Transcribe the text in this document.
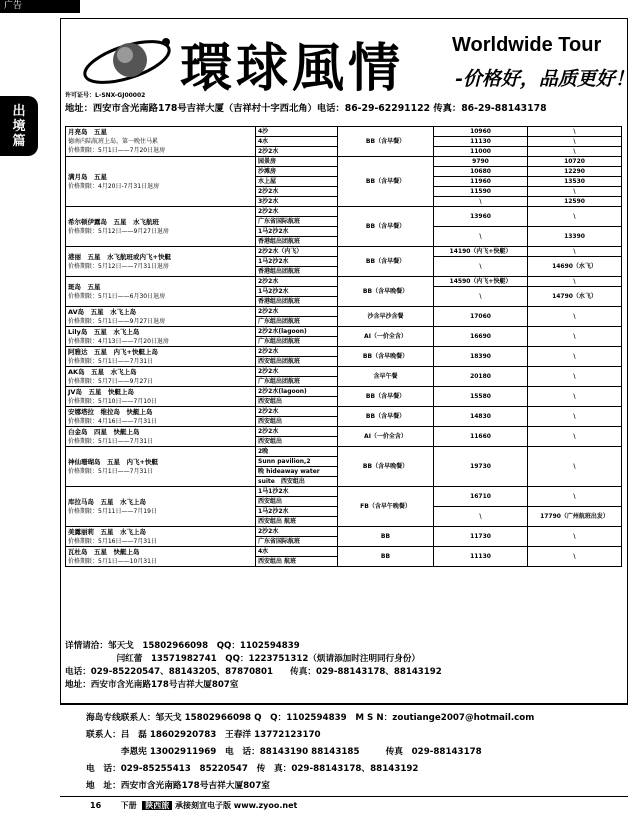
广告
出
境
篇
環球風情 Worldwide Tour
-价格好，品质更好！
许可证号：L-SNX-GJ00002
地址：西安市含光南路178号吉祥大厦（吉祥村十字西北角）电话：86-29-62291122 传真：86-29-88143178
月亮岛　五星
德南内陆航班上岛，第一晚住马累
价格期限：5月1日——7月20日退房	4沙	BB（含早餐）	10960	\
	4水		11130	\
	2沙2水		11000	\

满月岛　五星
价格期限：4月20日-7月31日退房	园景房	BB（含早餐）	9790	10720
	沙滩房		10680	12290
	水上屋		11960	13530
	2沙2水		11590	\
	3沙2水		\	12590

希尔顿伊露岛　五星　水飞航班
价格期限：5月12日——9月27日退房	2沙2水	BB（含早餐）	13960	\
	广东省国际航班			
	1马2沙2水		\	13390
	香港组出团航班			

港丽　五星　水飞航班或内飞+快艇
价格期限：5月12日——7月31日退房	2沙2水（内飞）	BB（含早餐）	14190（内飞+快艇）	\
	1马2沙2水		\	14690（水飞）
	香港组出团航班			

斑岛　五星
价格期限：5月1日——6月30日退房	2沙2水	BB（含早晚餐）	14590（内飞+快艇）	\
	1马2沙2水		\	14790（水飞）
	香港组出团航班			

AV岛　五星　水飞上岛
价格期限：5月1日——9月27日退房	2沙2水	沙含早沙含餐	17060	\
	广东组出团航班			

Lily岛　五星　水飞上岛
价格期限：4月13日——7月20日退房	2沙2水(lagoon)	AI（一价全含）	16690	\
	广东组出团航班			

阿雅达　五星　内飞+快艇上岛
价格期限：5月1日——7月31日	2沙2水	BB（含早晚餐）	18390	\
	西安组出团航班			

AK岛　五星　水飞上岛
价格期限：5月7日——9月27日	2沙2水	含早午餐	20180	\
	广东组出团航班			

JV岛　五星　快艇上岛
价格期限：5月10日——7月10日	2沙2水(lagoon)	BB（含早餐）	15580	\
	西安组出			

安娜塔拉　维拉岛　快艇上岛
价格期限：4月16日——7月31日	2沙2水	BB（含早餐）	14830	\
	西安组出			

白金岛　四星　快艇上岛
价格期限：5月1日——7月31日	2沙2水	AI（一价全含）	11660	\
	西安组出			

神仙珊瑚岛　五星　内飞+快艇
价格期限：5月1日——7月31日	2晚	BB（含早晚餐）	19730	\
	Sunn pavilion,2			
	晚 hideaway water			
	suite　西安组出			

库拉马岛　五星　水飞上岛
价格期限：5月11日——7月19日	1马1沙2水	FB（含早午晚餐）	16710	\
	西安组出			
	1马2沙2水		\	17790（广州航班出发）
	西安组出 航班			

美露丽莉　五星　水飞上岛
价格期限：5月16日——7月31日	2沙2水	BB	11730	\
	广东省国际航班			

瓦杜岛　五星　快艇上岛
价格期限：5月1日——10月31日	4水	BB	11130	\
	西安组出 航班			
详情请洽：邹天戈　15802966098　QQ：1102594839
　　　　　　闫红蕾　13571982741　QQ：1223751312（烦请添加时注明同行身份）
电话：029-85220547、88143205、87870801　　传真：029-88143178、88143192
地址：西安市含光南路178号吉祥大厦807室
海岛专线联系人：邹天戈 15802966098 Q　Q：1102594839　M S N：zoutiange2007@hotmail.com
联系人：吕　磊 18602920783　王春洋 13772123170
　　　　李恩宪 13002911969　电　话：88143190 88143185　　　传真　029-88143178
电　话：029-85255413　85220547　传　真：029-88143178、88143192
地　址：西安市含光南路178号吉祥大厦807室
16 下册 陕西旅 承接刻宣电子版 www.zyoo.net
